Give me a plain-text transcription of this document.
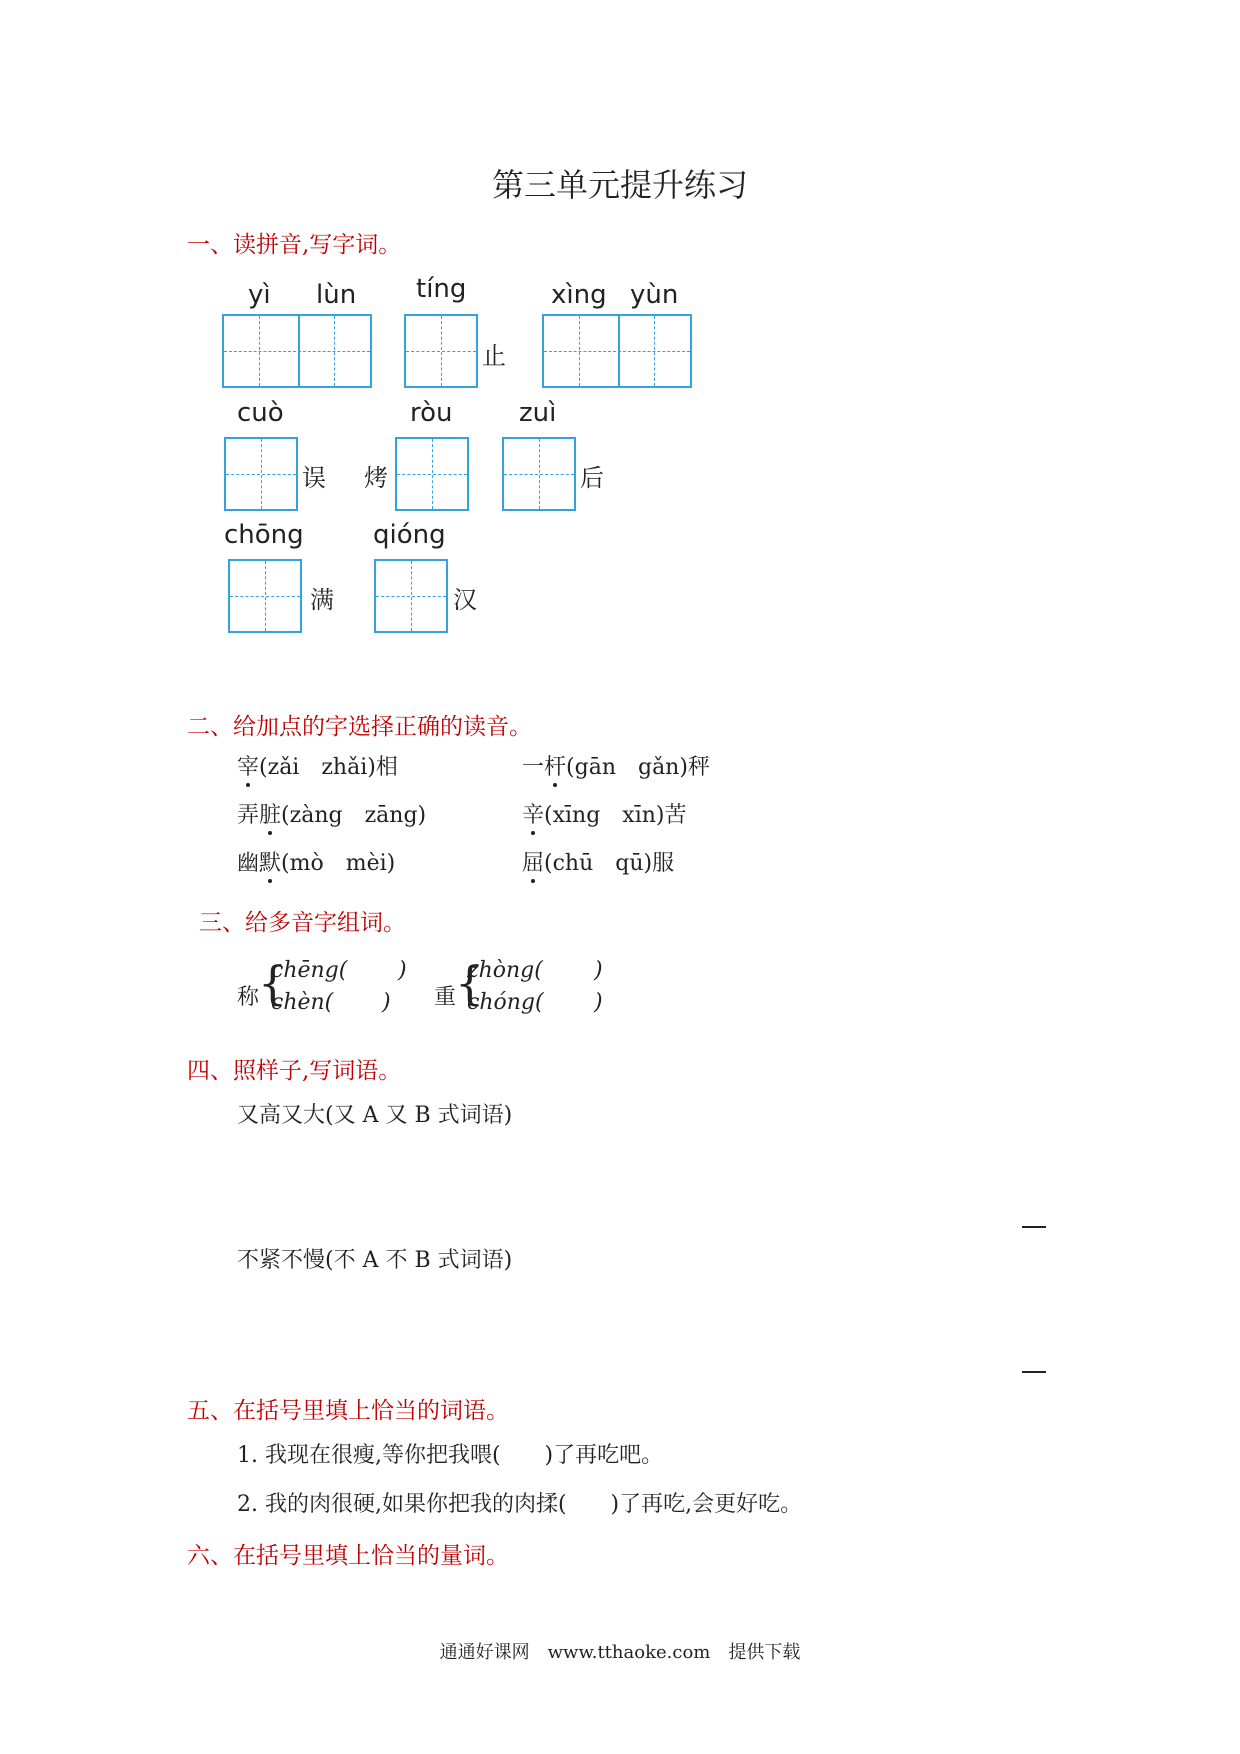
第三单元提升练习
一、读拼音,写字词。
yì lùn tíng
止
xìng yùn
cuò
误 烤
ròu	zuì
后
chōng
满
qióng
汉
二、给加点的字选择正确的读音。
宰(zǎi　zhǎi)相	一杆(gān　gǎn)秤
弄脏(zàng　zāng)	辛(xīng　xīn)苦
幽默(mò　mèi)	屈(chū　qū)服
三、给多音字组词。
称
{
chēng( )
chèn( ) 重
{
zhòng( )
chóng( )
四、照样子,写词语。
又高又大(又 A 又 B 式词语)
不紧不慢(不 A 不 B 式词语)
五、在括号里填上恰当的词语。
1. 我现在很瘦,等你把我喂(　　)了再吃吧。
2. 我的肉很硬,如果你把我的肉揉(　　)了再吃,会更好吃。
六、在括号里填上恰当的量词。
通通好课网　www.tthaoke.com　提供下载
